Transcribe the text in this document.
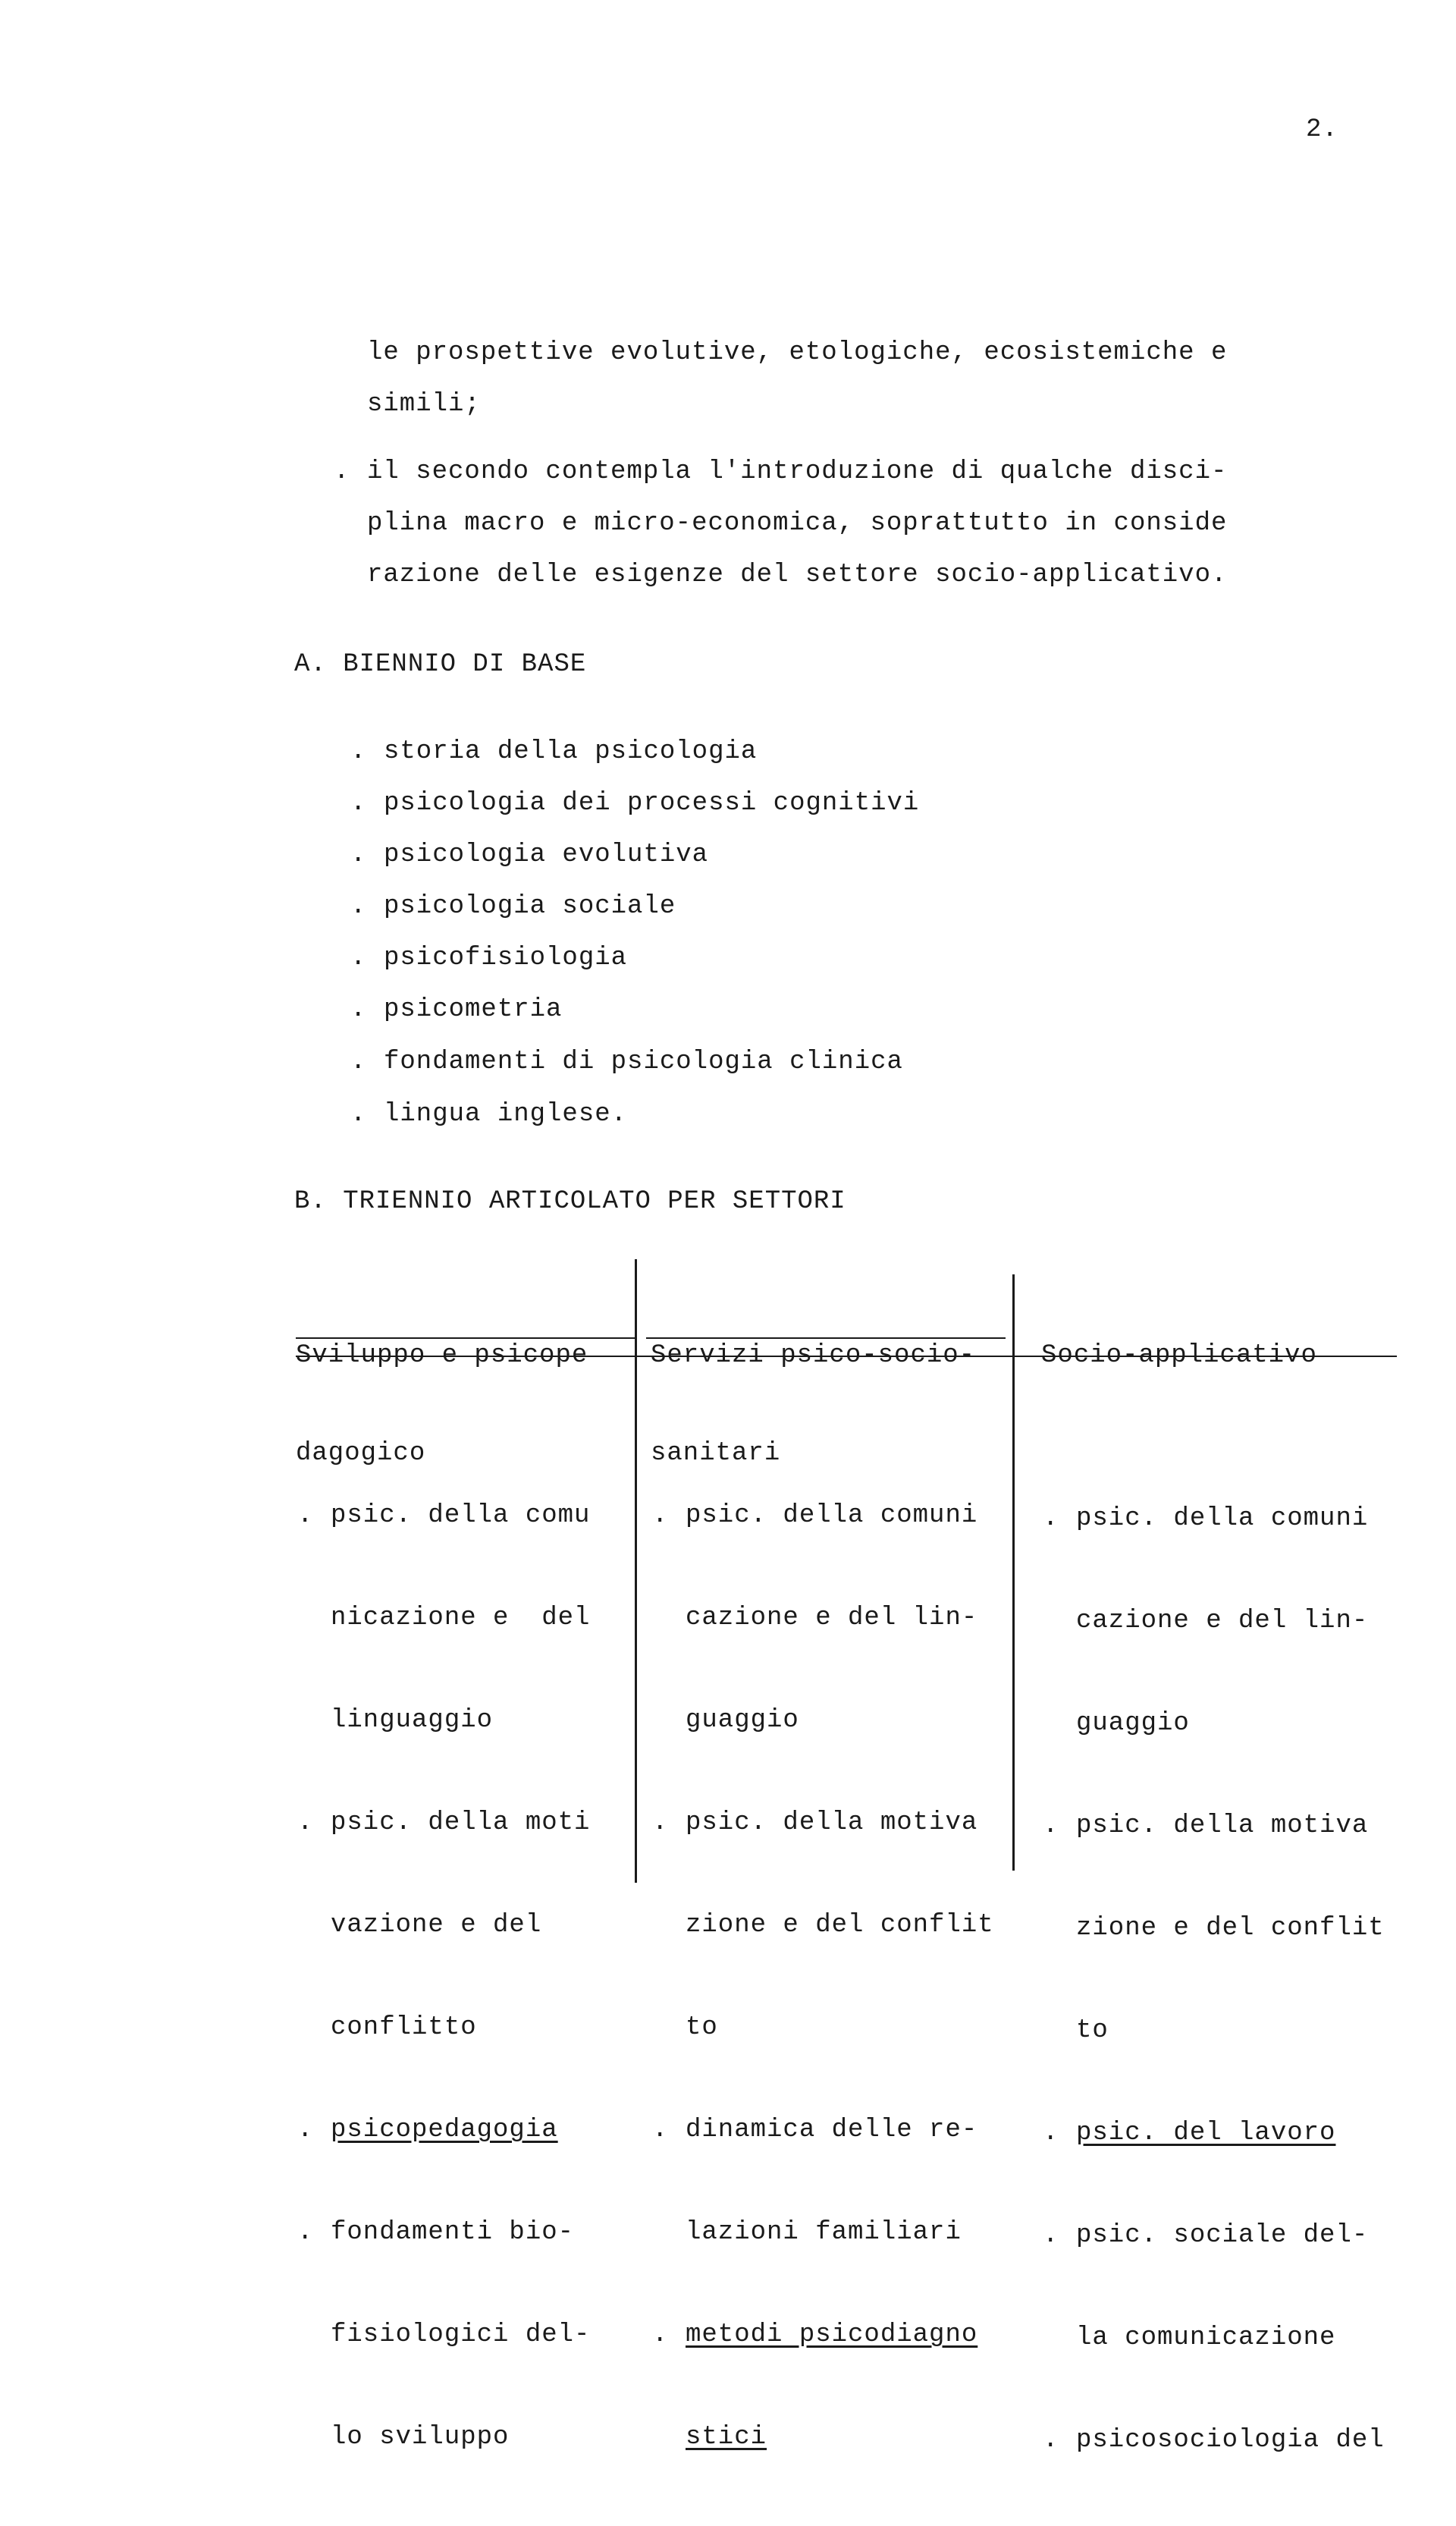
2.
le prospettive evolutive, etologiche, ecosistemiche e
simili;
. il secondo contempla l'introduzione di qualche disci-
plina macro e micro-economica, soprattutto in conside
razione delle esigenze del settore socio-applicativo.
A. BIENNIO DI BASE
. storia della psicologia
. psicologia dei processi cognitivi
. psicologia evolutiva
. psicologia sociale
. psicofisiologia
. psicometria
. fondamenti di psicologia clinica
. lingua inglese.
B. TRIENNIO ARTICOLATO PER SETTORI

Sviluppo e psicope

dagogico

Servizi psico-socio-

sanitari

Socio-applicativo

. psic. della comu

nicazione e  del

linguaggio

. psic. della moti

vazione e del

conflitto

. psicopedagogia

. fondamenti bio-

fisiologici del-

lo sviluppo

. psic. della comuni

cazione e del lin-

guaggio

. psic. della motiva

zione e del conflit

to

. dinamica delle re-

lazioni familiari

. metodi psicodiagno

stici

. psic. della comuni

cazione e del lin-

guaggio

. psic. della motiva

zione e del conflit

to

. psic. del lavoro

. psic. sociale del-

la comunicazione

. psicosociologia del
